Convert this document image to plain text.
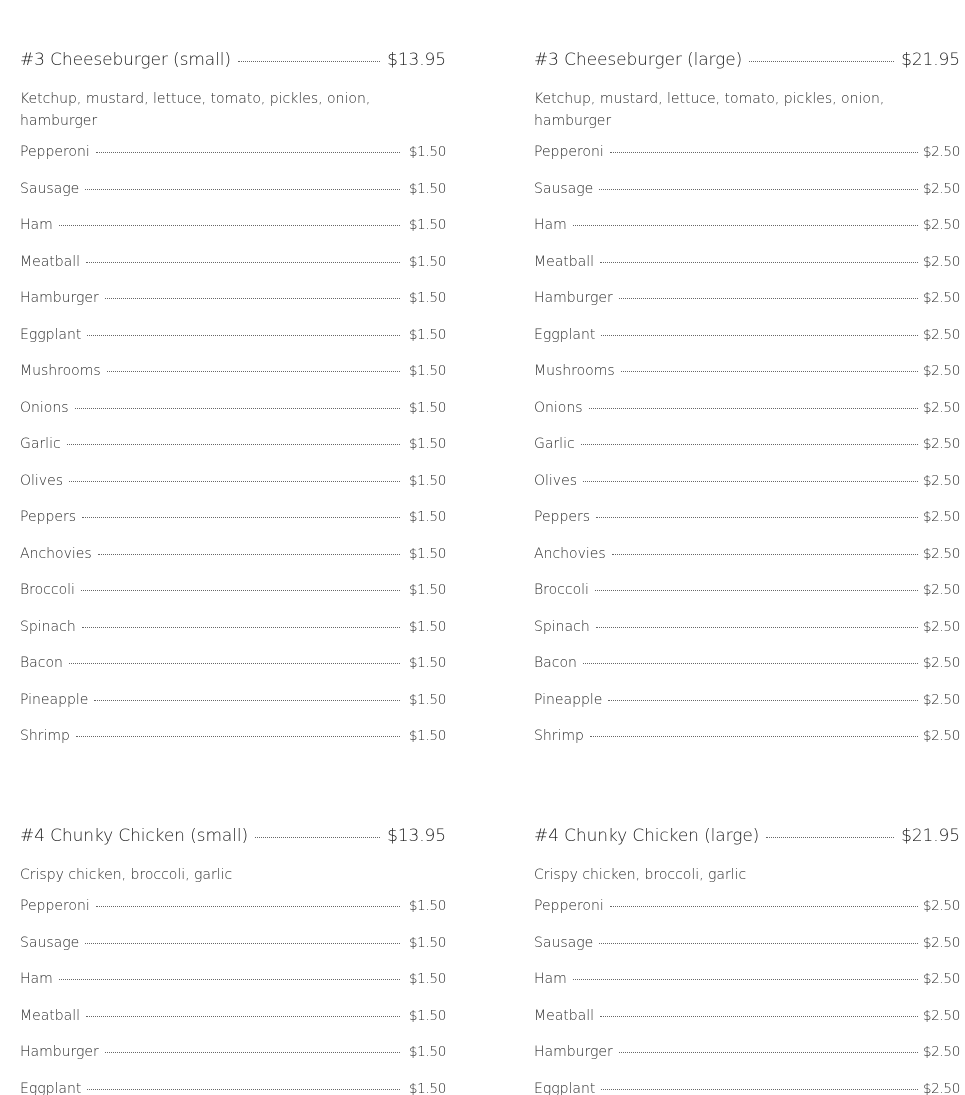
#3 Cheeseburger (small)	$13.95
Ketchup, mustard, lettuce, tomato, pickles, onion, hamburger
Pepperoni	$1.50
Sausage	$1.50
Ham	$1.50
Meatball	$1.50
Hamburger	$1.50
Eggplant	$1.50
Mushrooms	$1.50
Onions	$1.50
Garlic	$1.50
Olives	$1.50
Peppers	$1.50
Anchovies	$1.50
Broccoli	$1.50
Spinach	$1.50
Bacon	$1.50
Pineapple	$1.50
Shrimp	$1.50
#3 Cheeseburger (large)	$21.95
Ketchup, mustard, lettuce, tomato, pickles, onion, hamburger
Pepperoni	$2.50
Sausage	$2.50
Ham	$2.50
Meatball	$2.50
Hamburger	$2.50
Eggplant	$2.50
Mushrooms	$2.50
Onions	$2.50
Garlic	$2.50
Olives	$2.50
Peppers	$2.50
Anchovies	$2.50
Broccoli	$2.50
Spinach	$2.50
Bacon	$2.50
Pineapple	$2.50
Shrimp	$2.50
#4 Chunky Chicken (small)	$13.95
Crispy chicken, broccoli, garlic
Pepperoni	$1.50
Sausage	$1.50
Ham	$1.50
Meatball	$1.50
Hamburger	$1.50
Eggplant	$1.50
#4 Chunky Chicken (large)	$21.95
Crispy chicken, broccoli, garlic
Pepperoni	$2.50
Sausage	$2.50
Ham	$2.50
Meatball	$2.50
Hamburger	$2.50
Eggplant	$2.50
